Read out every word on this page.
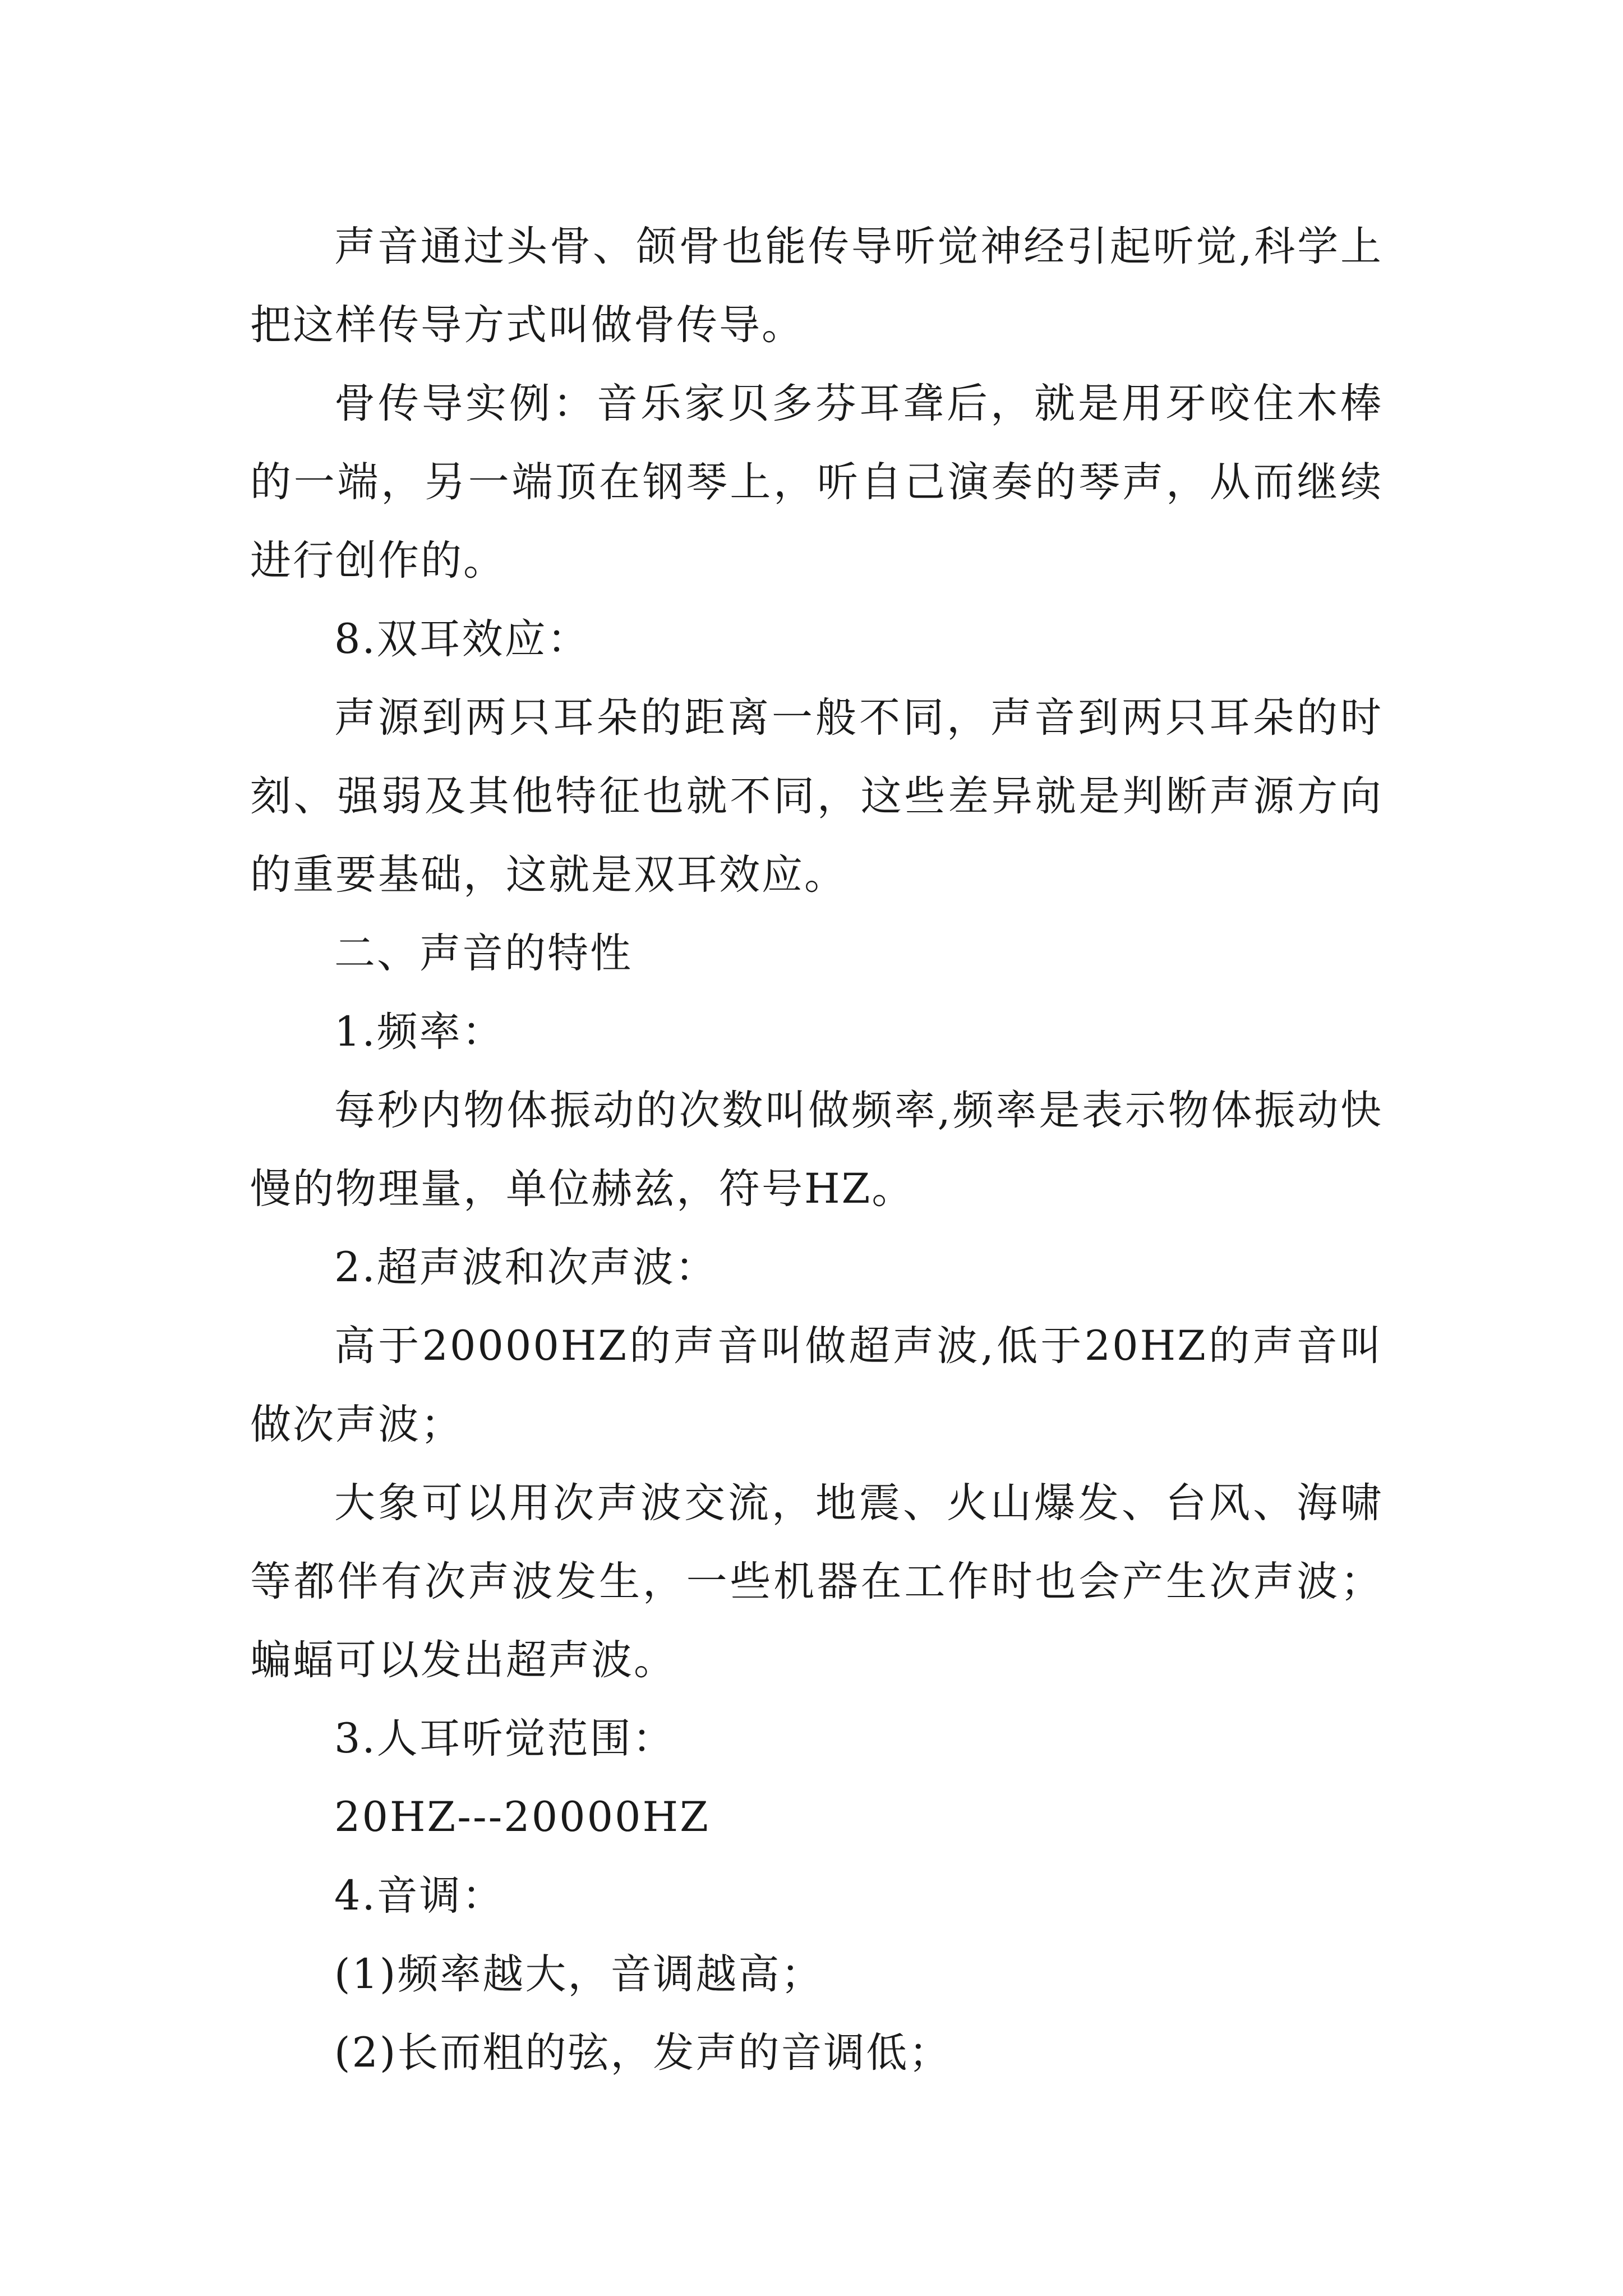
声音通过头骨、颌骨也能传导听觉神经引起听觉,科学上把这样传导方式叫做骨传导。

骨传导实例：音乐家贝多芬耳聋后，就是用牙咬住木棒的一端，另一端顶在钢琴上，听自己演奏的琴声，从而继续进行创作的。

8.双耳效应：

声源到两只耳朵的距离一般不同，声音到两只耳朵的时刻、强弱及其他特征也就不同，这些差异就是判断声源方向的重要基础，这就是双耳效应。

二、声音的特性

1.频率：

每秒内物体振动的次数叫做频率,频率是表示物体振动快慢的物理量，单位赫兹，符号HZ。

2.超声波和次声波：

高于20000HZ的声音叫做超声波,低于20HZ的声音叫做次声波；

大象可以用次声波交流，地震、火山爆发、台风、海啸等都伴有次声波发生，一些机器在工作时也会产生次声波；蝙蝠可以发出超声波。

3.人耳听觉范围：

20HZ---20000HZ

4.音调：

(1)频率越大，音调越高；

(2)长而粗的弦，发声的音调低；
